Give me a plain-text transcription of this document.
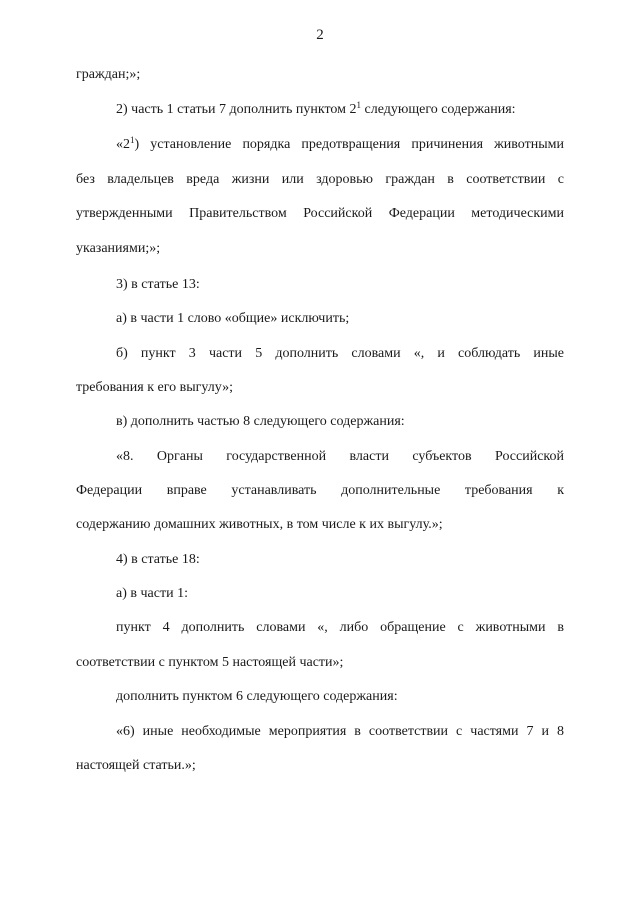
2
граждан;»;
2) часть 1 статьи 7 дополнить пунктом $2^1$ следующего содержания:
«$2^1$) установление порядка предотвращения причинения животными
без владельцев вреда жизни или здоровью граждан в соответствии с
утвержденными Правительством Российской Федерации методическими
указаниями;»;
3) в статье 13:
а) в части 1 слово «общие» исключить;
б) пункт 3 части 5 дополнить словами «, и соблюдать иные
требования к его выгулу»;
в) дополнить частью 8 следующего содержания:
«8. Органы государственной власти субъектов Российской
Федерации вправе устанавливать дополнительные требования к
содержанию домашних животных, в том числе к их выгулу.»;
4) в статье 18:
а) в части 1:
пункт 4 дополнить словами «, либо обращение с животными в
соответствии с пунктом 5 настоящей части»;
дополнить пунктом 6 следующего содержания:
«6) иные необходимые мероприятия в соответствии с частями 7 и 8
настоящей статьи.»;
